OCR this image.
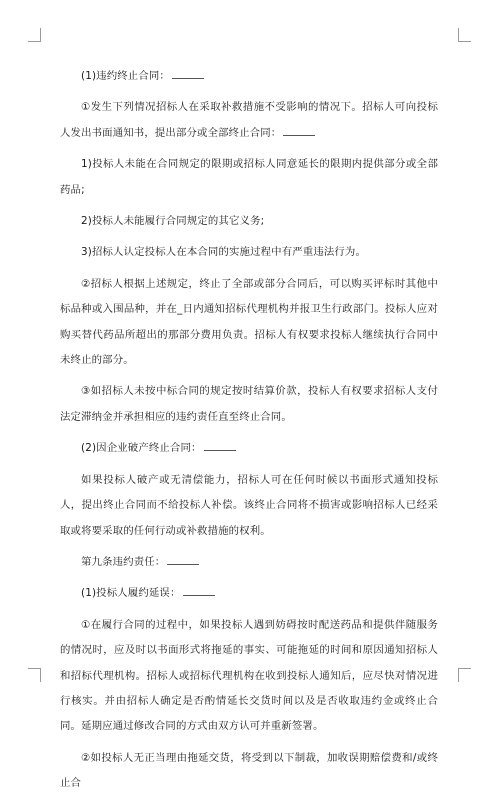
(1)违约终止合同：

①发生下列情况招标人在采取补救措施不受影响的情况下。招标人可向投标人发出书面通知书，提出部分或全部终止合同：

1)投标人未能在合同规定的限期或招标人同意延长的限期内提供部分或全部药品;

2)投标人未能履行合同规定的其它义务;

3)招标人认定投标人在本合同的实施过程中有严重违法行为。

②招标人根据上述规定，终止了全部或部分合同后，可以购买评标时其他中标品种或入围品种，并在_日内通知招标代理机构并报卫生行政部门。投标人应对购买替代药品所超出的那部分费用负责。招标人有权要求投标人继续执行合同中未终止的部分。

③如招标人未按中标合同的规定按时结算价款，投标人有权要求招标人支付法定滞纳金并承担相应的违约责任直至终止合同。

(2)因企业破产终止合同：

如果投标人破产或无清偿能力，招标人可在任何时候以书面形式通知投标人，提出终止合同而不给投标人补偿。该终止合同将不损害或影响招标人已经采取或将要采取的任何行动或补救措施的权利。

第九条违约责任：

(1)投标人履约延误：

①在履行合同的过程中，如果投标人遇到妨碍按时配送药品和提供伴随服务的情况时，应及时以书面形式将拖延的事实、可能拖延的时间和原因通知招标人和招标代理机构。招标人或招标代理机构在收到投标人通知后，应尽快对情况进行核实。并由招标人确定是否酌情延长交货时间以及是否收取违约金或终止合同。延期应通过修改合同的方式由双方认可并重新签署。

②如投标人无正当理由拖延交货，将受到以下制裁，加收误期赔偿费和/或终止合
